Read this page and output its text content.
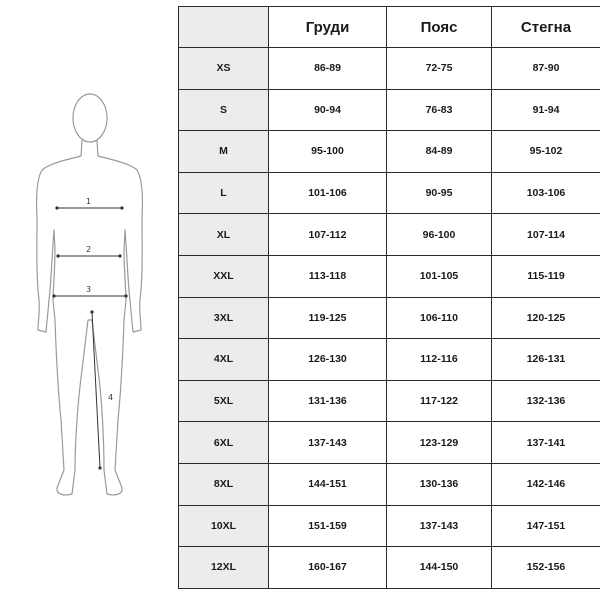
1
2
3
4
	Груди	Пояс	Стегна
XS	86-89	72-75	87-90
S	90-94	76-83	91-94
M	95-100	84-89	95-102
L	101-106	90-95	103-106
XL	107-112	96-100	107-114
XXL	113-118	101-105	115-119
3XL	119-125	106-110	120-125
4XL	126-130	112-116	126-131
5XL	131-136	117-122	132-136
6XL	137-143	123-129	137-141
8XL	144-151	130-136	142-146
10XL	151-159	137-143	147-151
12XL	160-167	144-150	152-156
